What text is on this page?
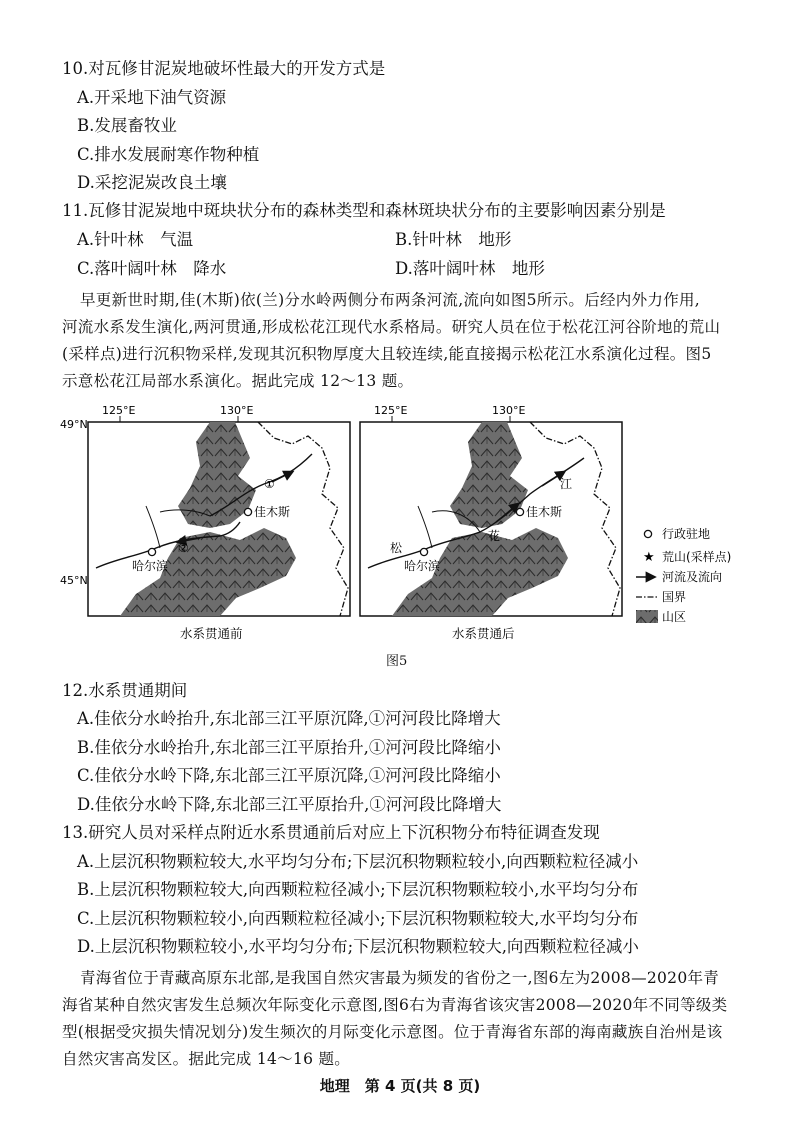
10.对瓦修甘泥炭地破坏性最大的开发方式是
A.开采地下油气资源
B.发展畜牧业
C.排水发展耐寒作物种植
D.采挖泥炭改良土壤
11.瓦修甘泥炭地中斑块状分布的森林类型和森林斑块状分布的主要影响因素分别是
A.针叶林　气温	B.针叶林　地形
C.落叶阔叶林　降水	D.落叶阔叶林　地形
早更新世时期,佳(木斯)依(兰)分水岭两侧分布两条河流,流向如图5所示。后经内外力作用,
河流水系发生演化,两河贯通,形成松花江现代水系格局。研究人员在位于松花江河谷阶地的荒山
(采样点)进行沉积物采样,发现其沉积物厚度大且较连续,能直接揭示松花江水系演化过程。图5
示意松花江局部水系演化。据此完成 12～13 题。
佳木斯
哈尔滨
①
②
125°E	130°E
49°N
45°N
佳木斯
哈尔滨
松
花
江
125°E	130°E
行政驻地
★ 荒山(采样点)
河流及流向
国界
山区
水系贯通前	水系贯通后
图5
12.水系贯通期间
A.佳依分水岭抬升,东北部三江平原沉降,①河河段比降增大
B.佳依分水岭抬升,东北部三江平原抬升,①河河段比降缩小
C.佳依分水岭下降,东北部三江平原沉降,①河河段比降缩小
D.佳依分水岭下降,东北部三江平原抬升,①河河段比降增大
13.研究人员对采样点附近水系贯通前后对应上下沉积物分布特征调查发现
A.上层沉积物颗粒较大,水平均匀分布;下层沉积物颗粒较小,向西颗粒粒径减小
B.上层沉积物颗粒较大,向西颗粒粒径减小;下层沉积物颗粒较小,水平均匀分布
C.上层沉积物颗粒较小,向西颗粒粒径减小;下层沉积物颗粒较大,水平均匀分布
D.上层沉积物颗粒较小,水平均匀分布;下层沉积物颗粒较大,向西颗粒粒径减小
青海省位于青藏高原东北部,是我国自然灾害最为频发的省份之一,图6左为2008—2020年青
海省某种自然灾害发生总频次年际变化示意图,图6右为青海省该灾害2008—2020年不同等级类
型(根据受灾损失情况划分)发生频次的月际变化示意图。位于青海省东部的海南藏族自治州是该
自然灾害高发区。据此完成 14～16 题。
地理　第 4 页(共 8 页)
